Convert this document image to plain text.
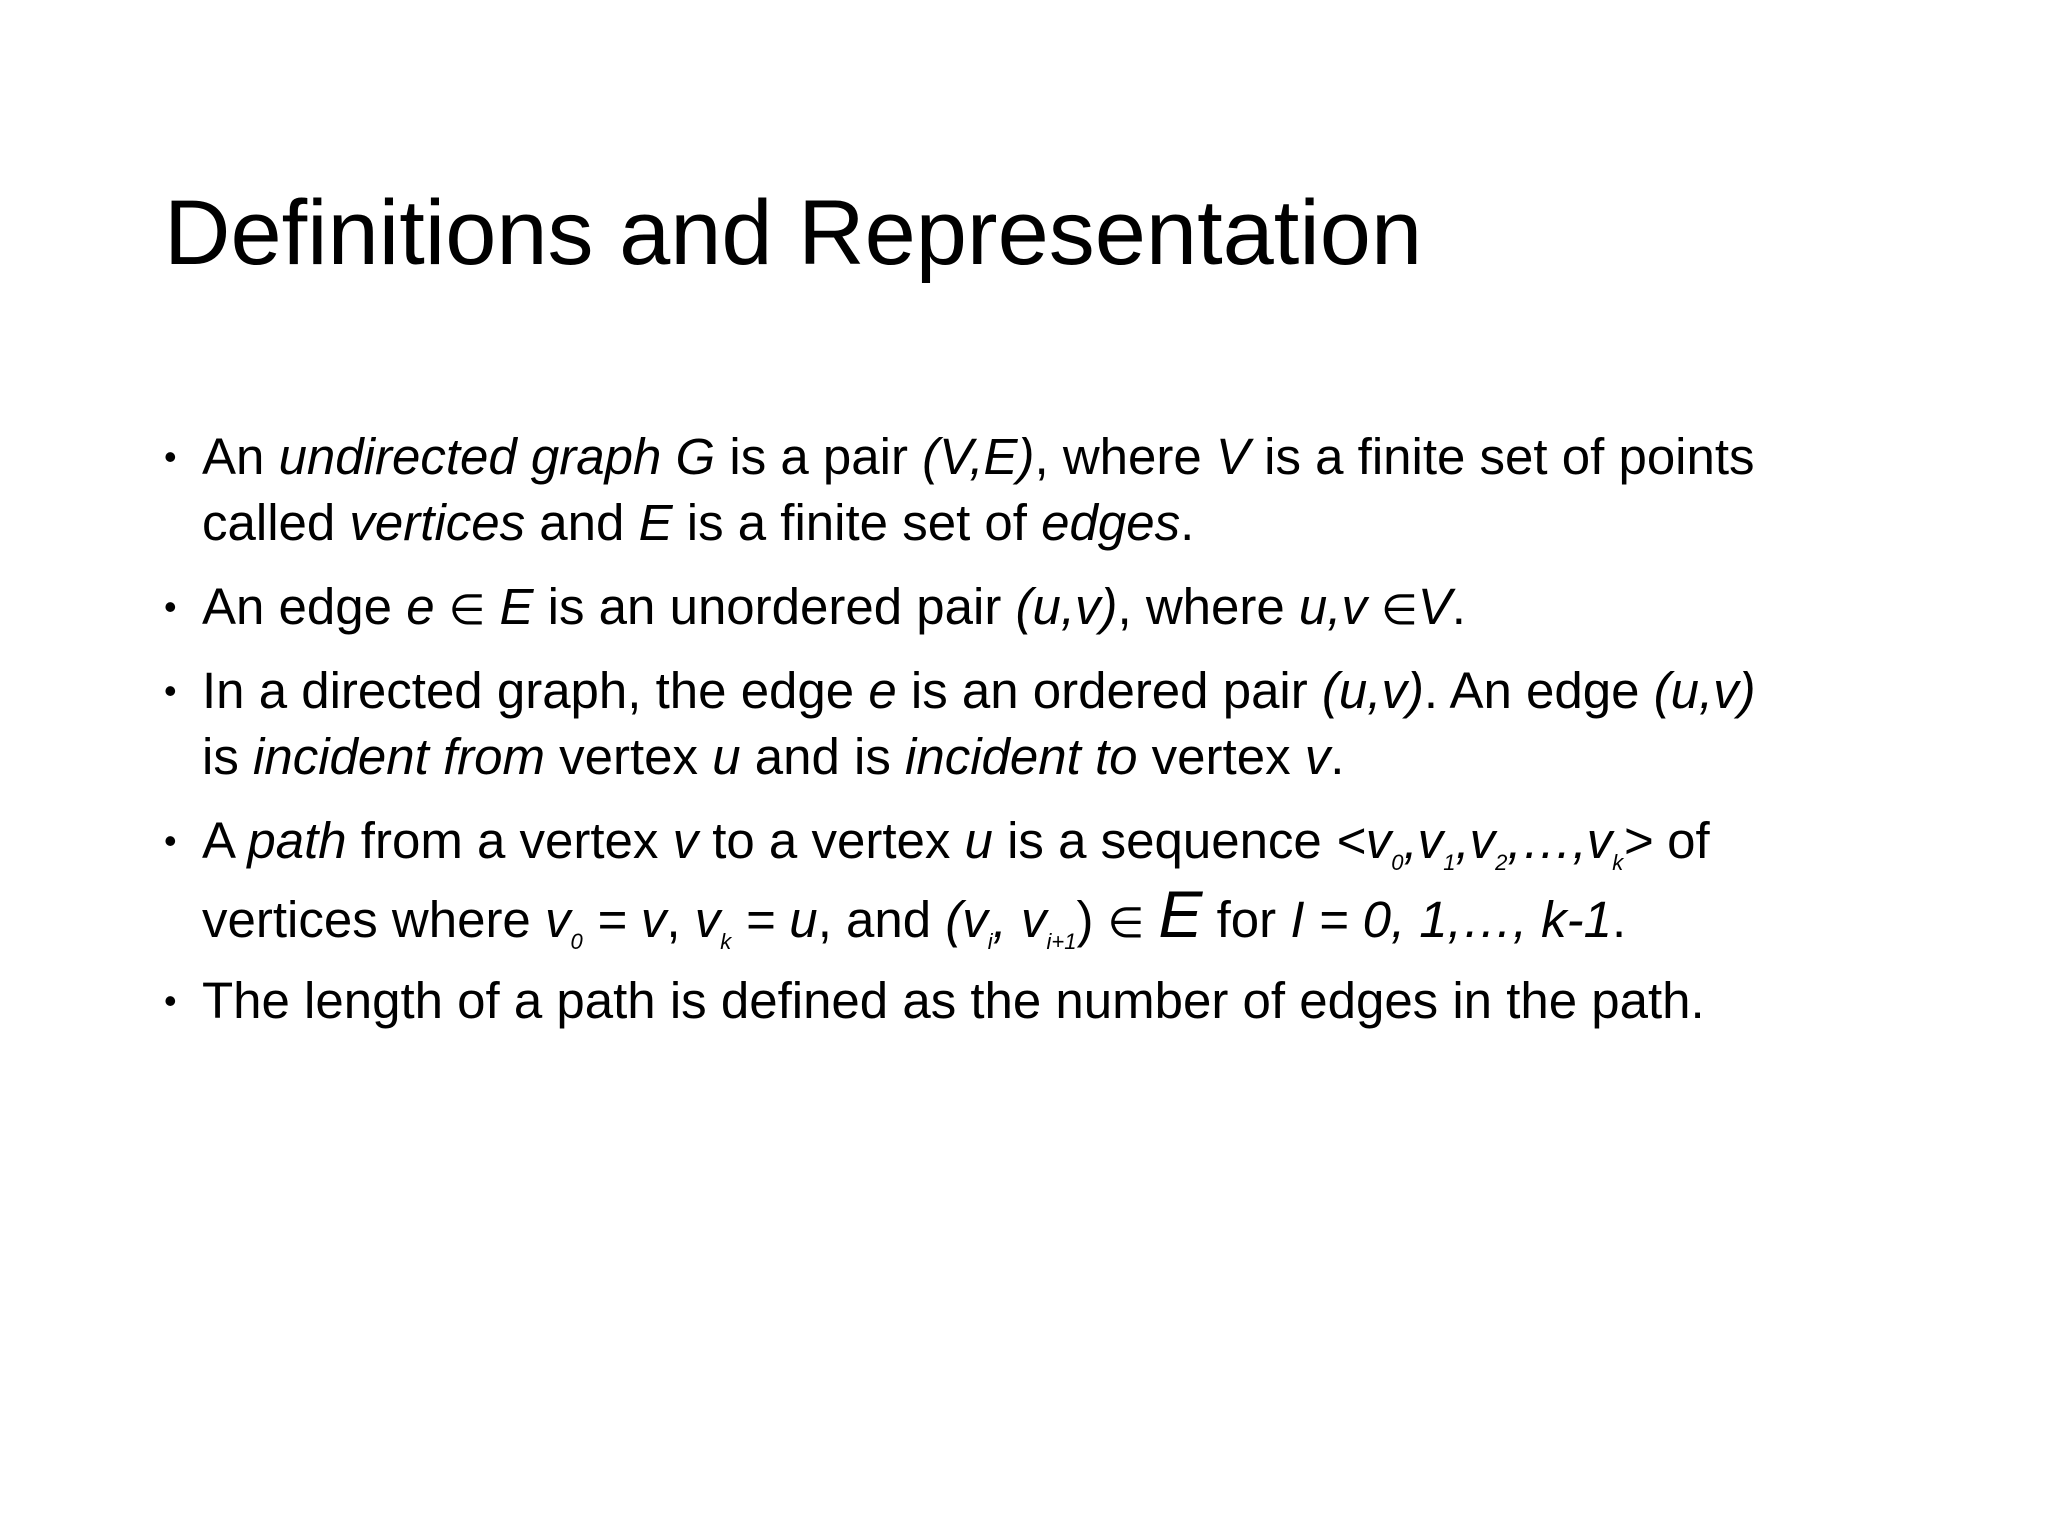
Definitions and Representation
• An undirected graph G is a pair (V,E), where V is a finite set of points
called vertices and E is a finite set of edges.
• An edge e ∈ E is an unordered pair (u,v), where u,v ∈V.
• In a directed graph, the edge e is an ordered pair (u,v). An edge (u,v)
is incident from vertex u and is incident to vertex v.
• A path from a vertex v to a vertex u is a sequence $<v_0,v_1,v_2,\dots,v_k>$ of
vertices where $v_0 = v$, $v_k = u$, and ($v_i$, $v_{i+1}$) ∈ E for I = 0, 1,…, k-1.
• The length of a path is defined as the number of edges in the path.
